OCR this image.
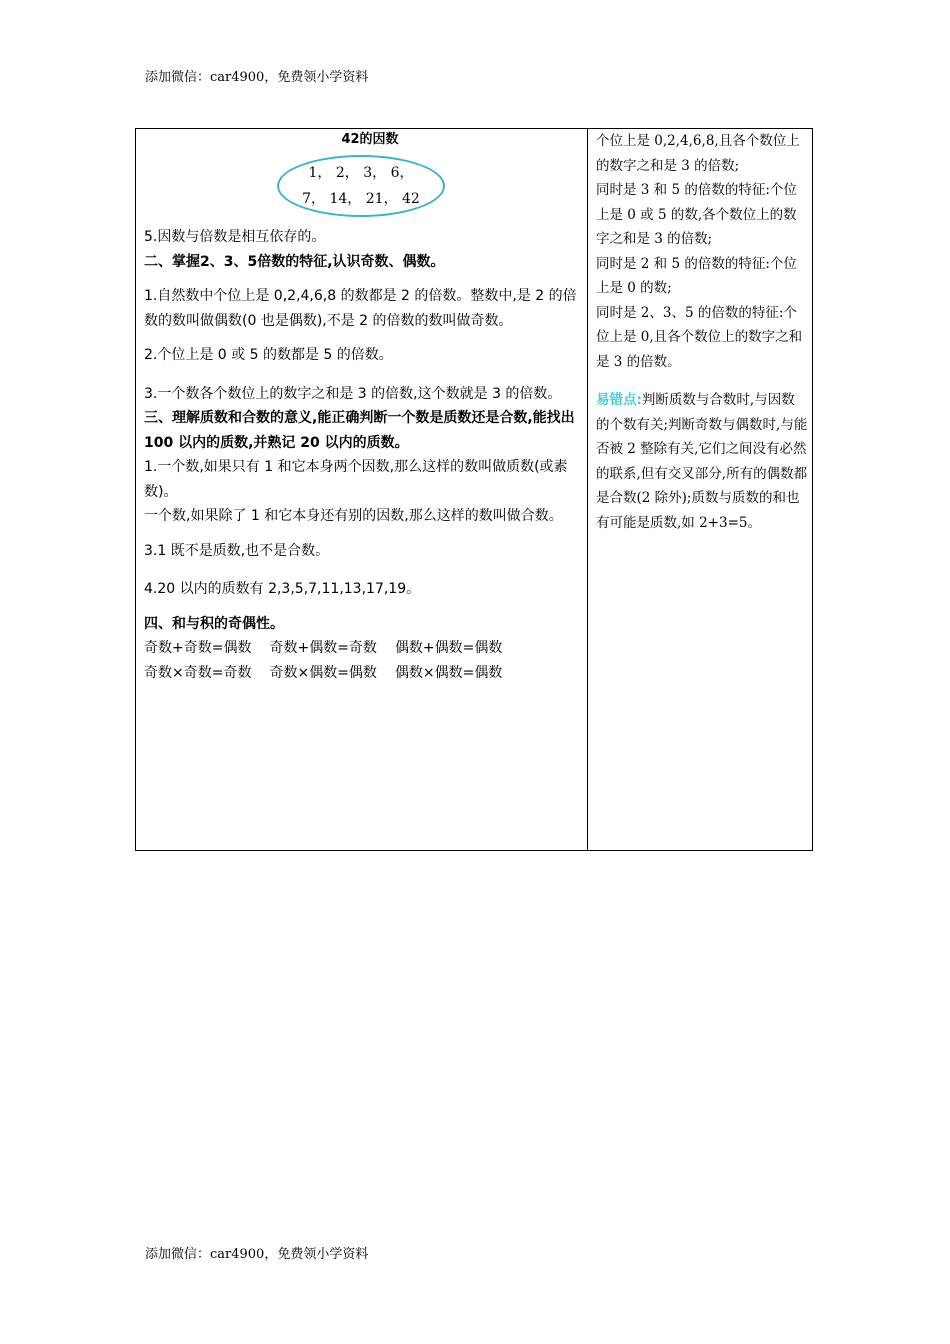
添加微信：car4900，免费领小学资料
42的因数
1， 2， 3， 6，
7， 14， 21， 42

5.因数与倍数是相互依存的。

二、掌握2、3、5倍数的特征,认识奇数、偶数。

1.自然数中个位上是 0,2,4,6,8 的数都是 2 的倍数。整数中,是 2 的倍数的数叫做偶数(0 也是偶数),不是 2 的倍数的数叫做奇数。

2.个位上是 0 或 5 的数都是 5 的倍数。

3.一个数各个数位上的数字之和是 3 的倍数,这个数就是 3 的倍数。

三、理解质数和合数的意义,能正确判断一个数是质数还是合数,能找出 100 以内的质数,并熟记 20 以内的质数。

1.一个数,如果只有 1 和它本身两个因数,那么这样的数叫做质数(或素数)。

一个数,如果除了 1 和它本身还有别的因数,那么这样的数叫做合数。

3.1 既不是质数,也不是合数。

4.20 以内的质数有 2,3,5,7,11,13,17,19。

四、和与积的奇偶性。

奇数+奇数=偶数 奇数+偶数=奇数 偶数+偶数=偶数
奇数×奇数=奇数 奇数×偶数=偶数 偶数×偶数=偶数

个位上是 0,2,4,6,8,且各个数位上的数字之和是 3 的倍数;

同时是 3 和 5 的倍数的特征:个位上是 0 或 5 的数,各个数位上的数字之和是 3 的倍数;

同时是 2 和 5 的倍数的特征:个位上是 0 的数;

同时是 2、3、5 的倍数的特征:个位上是 0,且各个数位上的数字之和是 3 的倍数。

易错点:判断质数与合数时,与因数的个数有关;判断奇数与偶数时,与能否被 2 整除有关,它们之间没有必然的联系,但有交叉部分,所有的偶数都是合数(2 除外);质数与质数的和也有可能是质数,如 2+3=5。

添加微信：car4900，免费领小学资料
